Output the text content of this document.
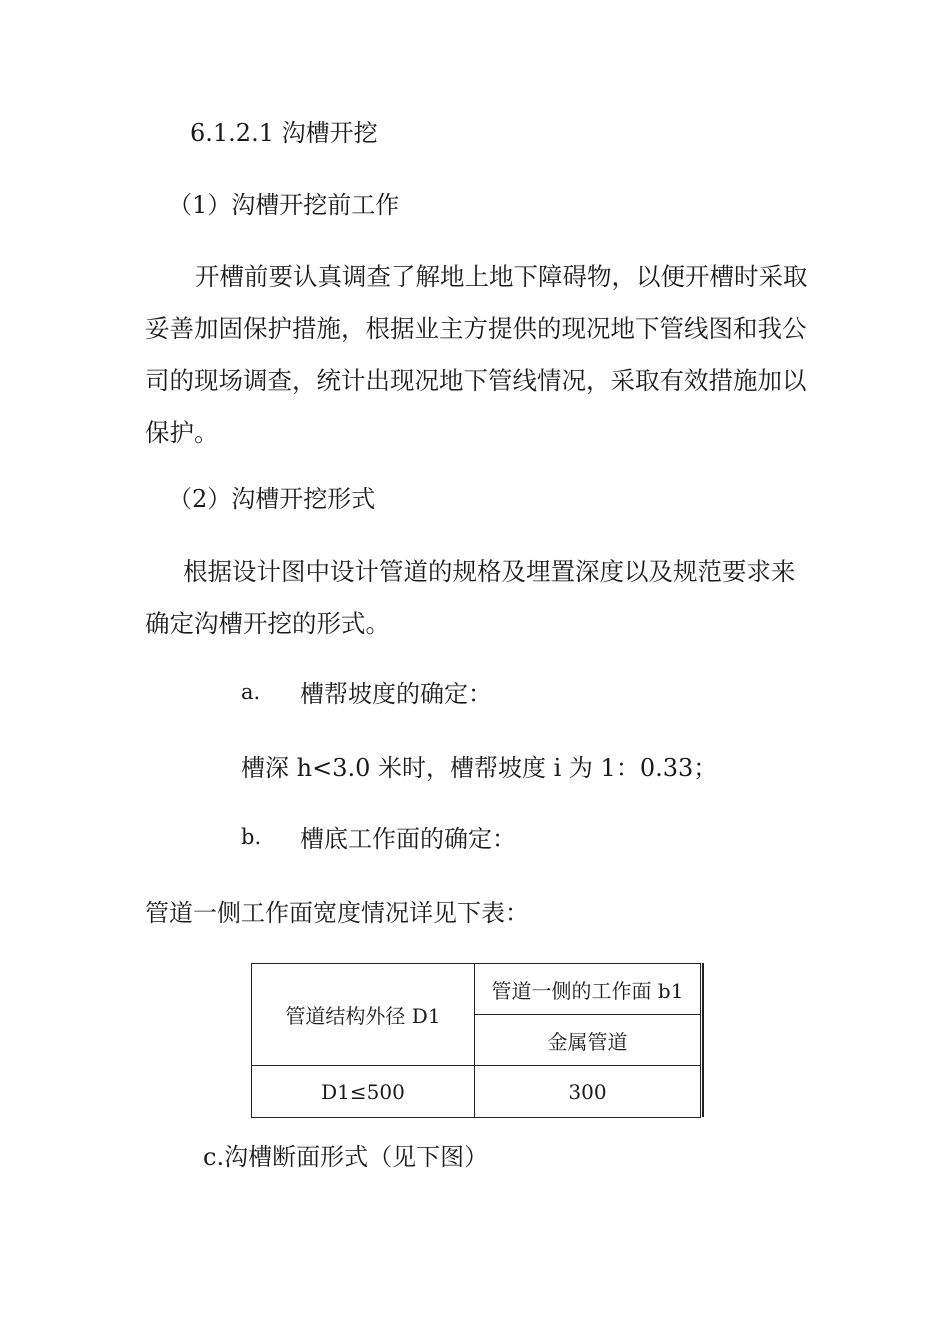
6.1.2.1 沟槽开挖
（1）沟槽开挖前工作
开槽前要认真调查了解地上地下障碍物，以便开槽时采取妥善加固保护措施，根据业主方提供的现况地下管线图和我公司的现场调查，统计出现况地下管线情况，采取有效措施加以保护。
（2）沟槽开挖形式
根据设计图中设计管道的规格及埋置深度以及规范要求来确定沟槽开挖的形式。
a. 槽帮坡度的确定：
槽深 h<3.0 米时，槽帮坡度 i 为 1：0.33；
b. 槽底工作面的确定：
管道一侧工作面宽度情况详见下表：
管道结构外径 D1	管道一侧的工作面 b1
	金属管道
D1≤500	300
c.沟槽断面形式（见下图）
